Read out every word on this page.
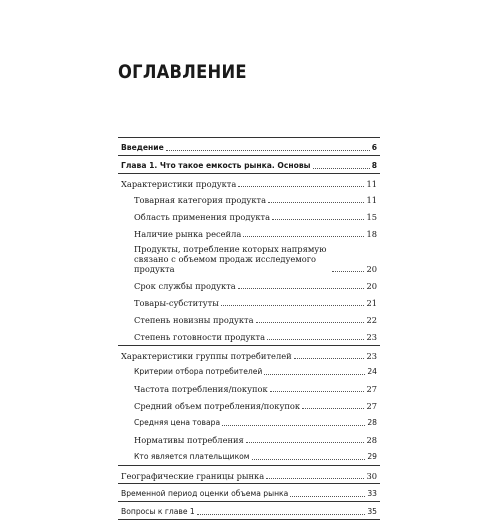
ОГЛАВЛЕНИЕ
Введение	6
Глава 1. Что такое емкость рынка. Основы	8
Характеристики продукта	11
Товарная категория продукта	11
Область применения продукта	15
Наличие рынка ресейла	18
Продукты, потребление которых напрямую связано с объемом продаж исследуемого продукта	20
Срок службы продукта	20
Товары-субституты	21
Степень новизны продукта	22
Степень готовности продукта	23
Характеристики группы потребителей	23
Критерии отбора потребителей	24
Частота потребления/покупок	27
Средний объем потребления/покупок	27
Средняя цена товара	28
Нормативы потребления	28
Кто является плательщиком	29
Географические границы рынка	30
Временной период оценки объема рынка	33
Вопросы к главе 1	35
